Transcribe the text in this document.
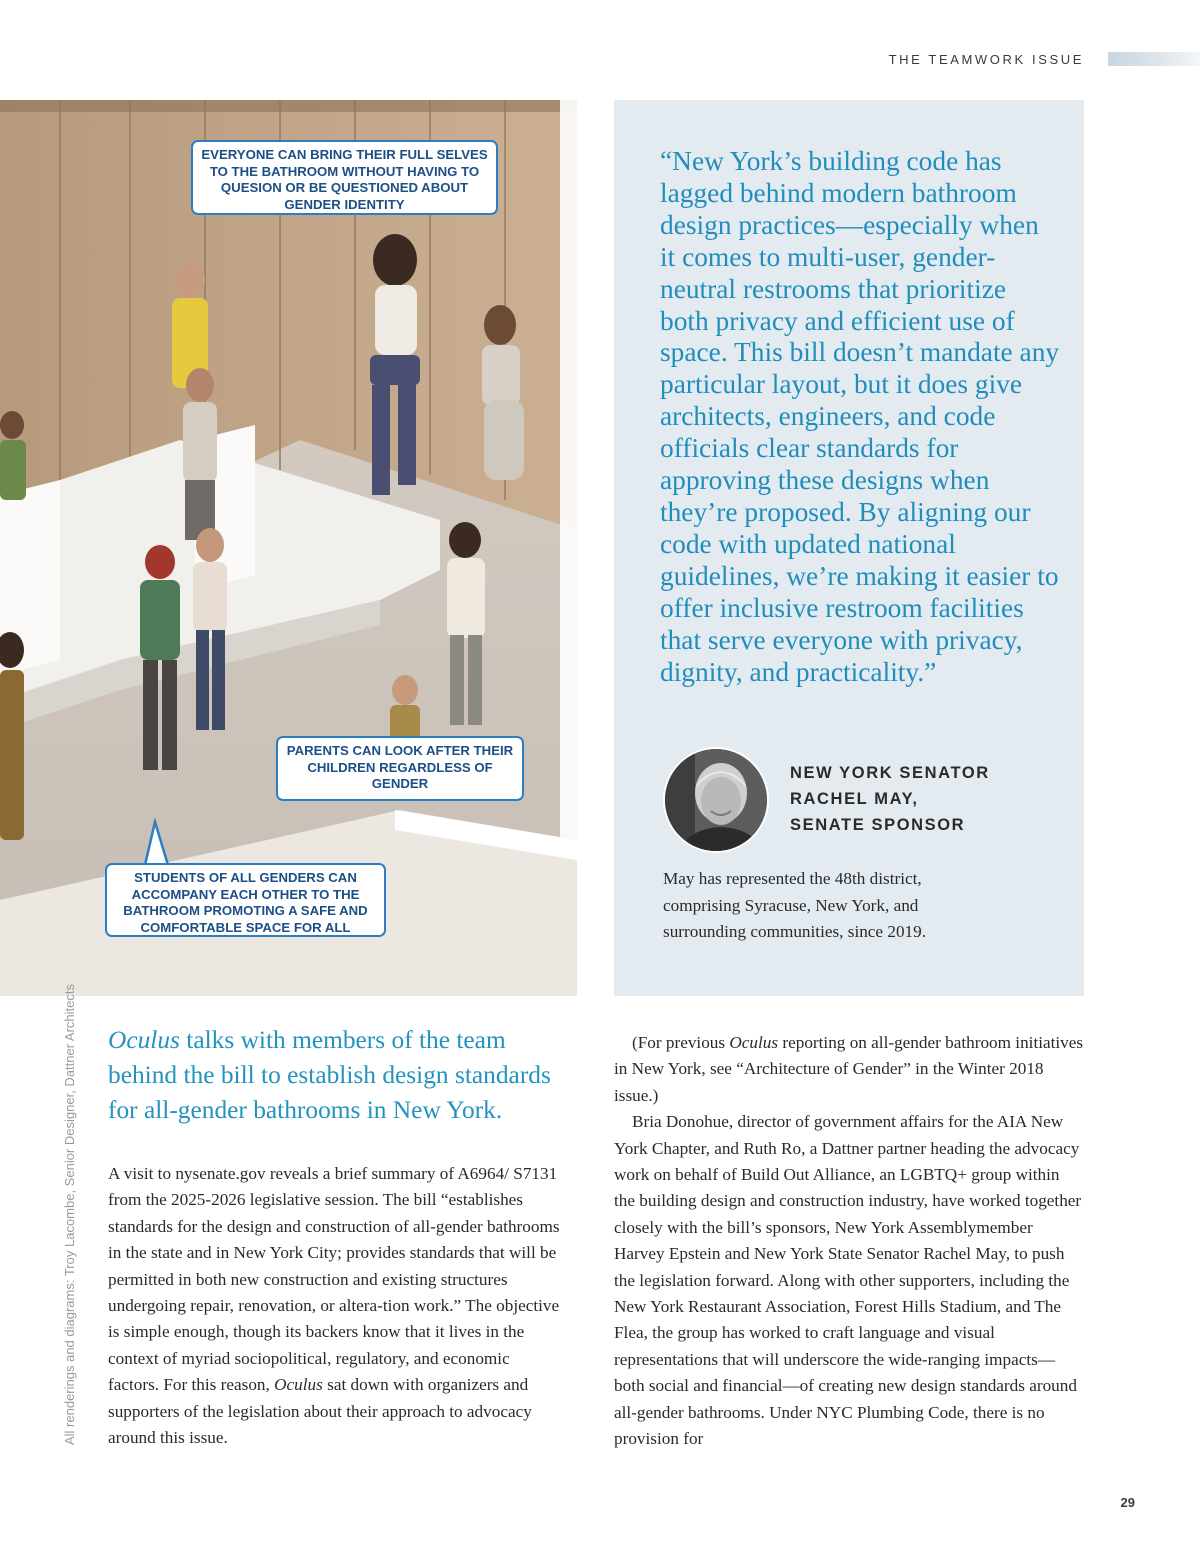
THE TEAMWORK ISSUE
EVERYONE CAN BRING THEIR FULL SELVES TO THE BATHROOM WITHOUT HAVING TO QUESION OR BE QUESTIONED ABOUT GENDER IDENTITY
PARENTS CAN LOOK AFTER THEIR CHILDREN REGARDLESS OF GENDER
STUDENTS OF ALL GENDERS CAN ACCOMPANY EACH OTHER TO THE BATHROOM PROMOTING A SAFE AND COMFORTABLE SPACE FOR ALL
All renderings and diagrams: Troy Lacombe, Senior Designer, Dattner Architects

“New York’s building code has lagged behind modern bathroom design practices—especially when it comes to multi-user, gender-neutral restrooms that prioritize both privacy and efficient use of space. This bill doesn’t mandate any particular layout, but it does give architects, engineers, and code officials clear standards for approving these designs when they’re proposed. By aligning our code with updated national guidelines, we’re making it easier to offer inclusive restroom facilities that serve everyone with privacy, dignity, and practicality.”

NEW YORK SENATOR
RACHEL MAY,
SENATE SPONSOR

May has represented the 48th district, comprising Syracuse, New York, and surrounding communities, since 2019.

Oculus talks with members of the team behind the bill to establish design standards for all-gender bathrooms in New York.

A visit to nysenate.gov reveals a brief summary of A6964/ S7131 from the 2025-2026 legislative session. The bill “establishes standards for the design and construction of all-gender bathrooms in the state and in New York City; provides standards that will be permitted in both new construction and existing structures undergoing repair, renovation, or altera-tion work.” The objective is simple enough, though its backers know that it lives in the context of myriad sociopolitical, regulatory, and economic factors. For this reason, Oculus sat down with organizers and supporters of the legislation about their approach to advocacy around this issue.

(For previous Oculus reporting on all-gender bathroom initiatives in New York, see “Architecture of Gender” in the Winter 2018 issue.)

Bria Donohue, director of government affairs for the AIA New York Chapter, and Ruth Ro, a Dattner partner heading the advocacy work on behalf of Build Out Alliance, an LGBTQ+ group within the building design and construction industry, have worked together closely with the bill’s sponsors, New York Assemblymember Harvey Epstein and New York State Senator Rachel May, to push the legislation forward. Along with other supporters, including the New York Restaurant Association, Forest Hills Stadium, and The Flea, the group has worked to craft language and visual representations that will underscore the wide-ranging impacts—both social and financial—of creating new design standards around all-gender bathrooms. Under NYC Plumbing Code, there is no provision for

29
